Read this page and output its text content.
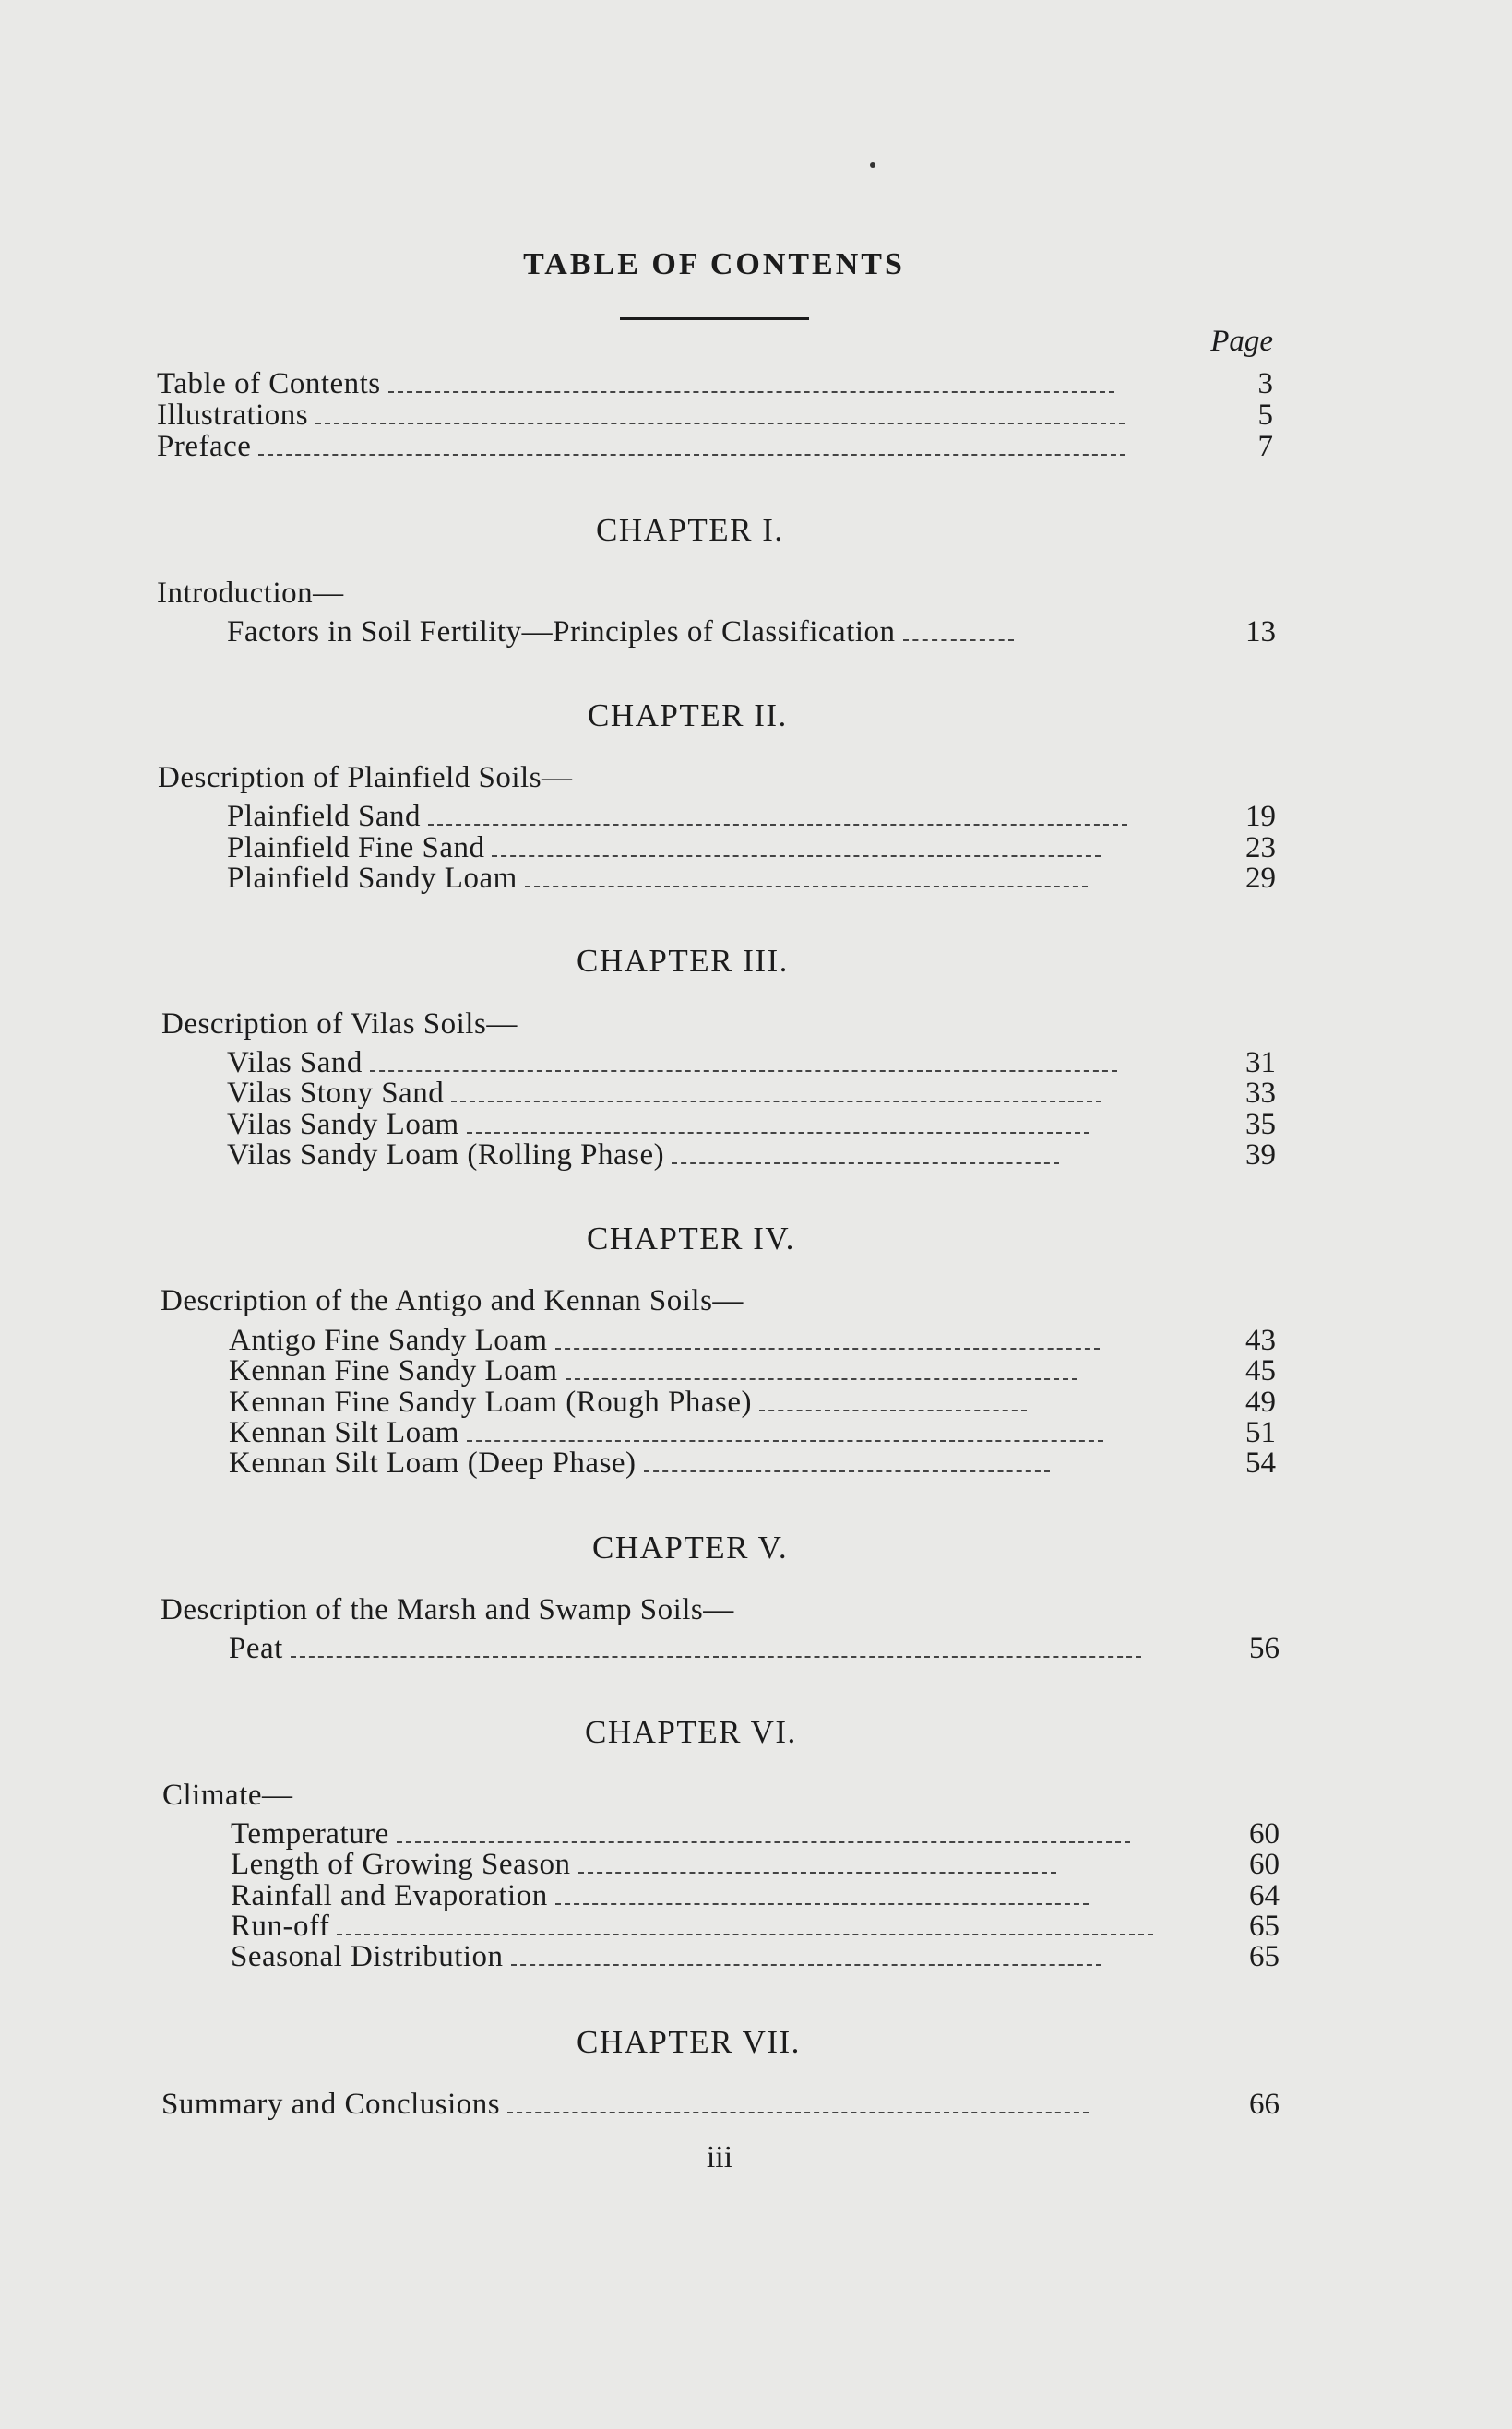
TABLE OF CONTENTS
Page
Table of Contents	3
Illustrations	5
Preface	7
CHAPTER I.
Introduction—
Factors in Soil Fertility—Principles of Classification	13
CHAPTER II.
Description of Plainfield Soils—
Plainfield Sand	19
Plainfield Fine Sand	23
Plainfield Sandy Loam	29
CHAPTER III.
Description of Vilas Soils—
Vilas Sand	31
Vilas Stony Sand	33
Vilas Sandy Loam	35
Vilas Sandy Loam (Rolling Phase)	39
CHAPTER IV.
Description of the Antigo and Kennan Soils—
Antigo Fine Sandy Loam	43
Kennan Fine Sandy Loam	45
Kennan Fine Sandy Loam (Rough Phase)	49
Kennan Silt Loam	51
Kennan Silt Loam (Deep Phase)	54
CHAPTER V.
Description of the Marsh and Swamp Soils—
Peat	56
CHAPTER VI.
Climate—
Temperature	60
Length of Growing Season	60
Rainfall and Evaporation	64
Run-off	65
Seasonal Distribution	65
CHAPTER VII.
Summary and Conclusions	66
iii
